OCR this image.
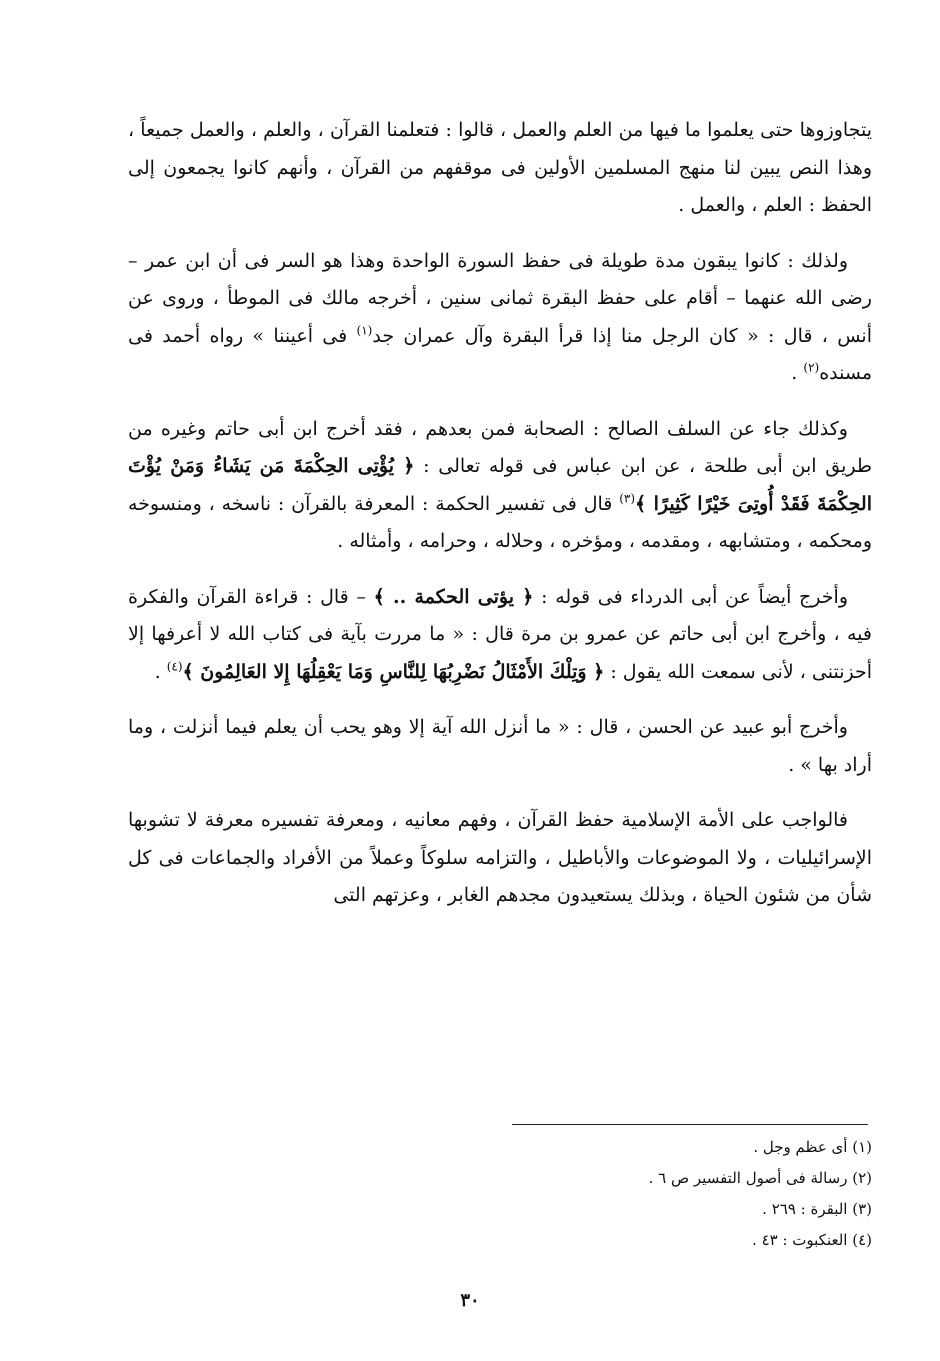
يتجاوزوها حتى يعلموا ما فيها من العلم والعمل ، قالوا : فتعلمنا القرآن ، والعلم ، والعمل جميعاً ، وهذا النص يبين لنا منهج المسلمين الأولين فى موقفهم من القرآن ، وأنهم كانوا يجمعون إلى الحفظ : العلم ، والعمل .

ولذلك : كانوا يبقون مدة طويلة فى حفظ السورة الواحدة وهذا هو السر فى أن ابن عمر – رضى الله عنهما – أقام على حفظ البقرة ثمانى سنين ، أخرجه مالك فى الموطأ ، وروى عن أنس ، قال : « كان الرجل منا إذا قرأ البقرة وآل عمران جد$^{(١)}$ فى أعيننا » رواه أحمد فى مسنده$^{(٢)}$ .

وكذلك جاء عن السلف الصالح : الصحابة فمن بعدهم ، فقد أخرج ابن أبى حاتم وغيره من طريق ابن أبى طلحة ، عن ابن عباس فى قوله تعالى : ﴿ يُؤْتِى الحِكْمَةَ مَن يَشَاءُ وَمَنْ يُؤْتَ الحِكْمَةَ فَقَدْ أُوتِىَ خَيْرًا كَثِيرًا ﴾$^{(٣)}$ قال فى تفسير الحكمة : المعرفة بالقرآن : ناسخه ، ومنسوخه ومحكمه ، ومتشابهه ، ومقدمه ، ومؤخره ، وحلاله ، وحرامه ، وأمثاله .

وأخرج أيضاً عن أبى الدرداء فى قوله : ﴿ يؤتى الحكمة .. ﴾ – قال : قراءة القرآن والفكرة فيه ، وأخرج ابن أبى حاتم عن عمرو بن مرة قال : « ما مررت بآية فى كتاب الله لا أعرفها إلا أحزنتنى ، لأنى سمعت الله يقول : ﴿ وَتِلْكَ الأَمْثَالُ نَضْرِبُهَا لِلنَّاسِ وَمَا يَعْقِلُهَا إِلا العَالِمُونَ ﴾$^{(٤)}$ .

وأخرج أبو عبيد عن الحسن ، قال : « ما أنزل الله آية إلا وهو يحب أن يعلم فيما أنزلت ، وما أراد بها » .

فالواجب على الأمة الإسلامية حفظ القرآن ، وفهم معانيه ، ومعرفة تفسيره معرفة لا تشوبها الإسرائيليات ، ولا الموضوعات والأباطيل ، والتزامه سلوكاً وعملاً من الأفراد والجماعات فى كل شأن من شئون الحياة ، وبذلك يستعيدون مجدهم الغابر ، وعزتهم التى

(١) أى عظم وجل .

(٢) رسالة فى أصول التفسير ص ٦ .

(٣) البقرة : ٢٦٩ .

(٤) العنكبوت : ٤٣ .

٣٠
